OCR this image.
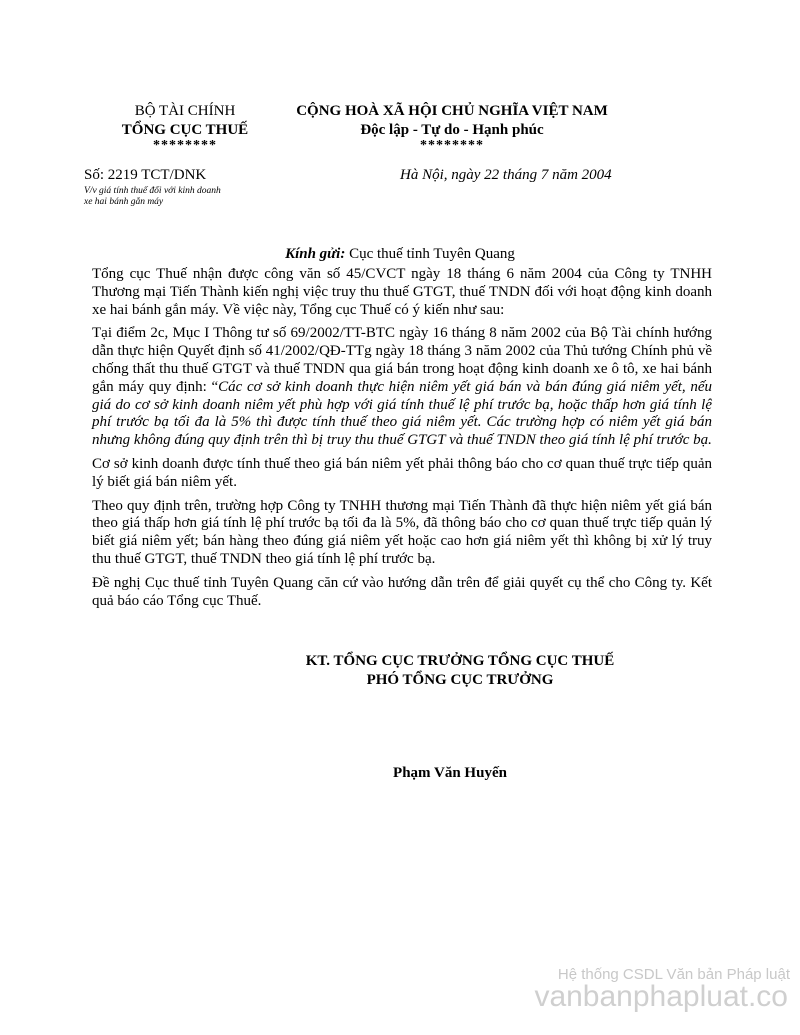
BỘ TÀI CHÍNH
TỔNG CỤC THUẾ
********
CỘNG HOÀ XÃ HỘI CHỦ NGHĨA VIỆT NAM
Độc lập - Tự do - Hạnh phúc
********
Số: 2219 TCT/DNK
V/v giá tính thuế đối với kinh doanh
xe hai bánh gắn máy
Hà Nội, ngày 22 tháng 7 năm 2004
Kính gửi: Cục thuế tỉnh Tuyên Quang

Tổng cục Thuế nhận được công văn số 45/CVCT ngày 18 tháng 6 năm 2004 của Công ty TNHH Thương mại Tiến Thành kiến nghị việc truy thu thuế GTGT, thuế TNDN đối với hoạt động kinh doanh xe hai bánh gắn máy. Về việc này, Tổng cục Thuế có ý kiến như sau:

Tại điểm 2c, Mục I Thông tư số 69/2002/TT-BTC ngày 16 tháng 8 năm 2002 của Bộ Tài chính hướng dẫn thực hiện Quyết định số 41/2002/QĐ-TTg ngày 18 tháng 3 năm 2002 của Thủ tướng Chính phủ về chống thất thu thuế GTGT và thuế TNDN qua giá bán trong hoạt động kinh doanh xe ô tô, xe hai bánh gắn máy quy định: “Các cơ sở kinh doanh thực hiện niêm yết giá bán và bán đúng giá niêm yết, nếu giá do cơ sở kinh doanh niêm yết phù hợp với giá tính thuế lệ phí trước bạ, hoặc thấp hơn giá tính lệ phí trước bạ tối đa là 5% thì được tính thuế theo giá niêm yết. Các trường hợp có niêm yết giá bán nhưng không đúng quy định trên thì bị truy thu thuế GTGT và thuế TNDN theo giá tính lệ phí trước bạ.

Cơ sở kinh doanh được tính thuế theo giá bán niêm yết phải thông báo cho cơ quan thuế trực tiếp quản lý biết giá bán niêm yết.

Theo quy định trên, trường hợp Công ty TNHH thương mại Tiến Thành đã thực hiện niêm yết giá bán theo giá thấp hơn giá tính lệ phí trước bạ tối đa là 5%, đã thông báo cho cơ quan thuế trực tiếp quản lý biết giá niêm yết; bán hàng theo đúng giá niêm yết hoặc cao hơn giá niêm yết thì không bị xử lý truy thu thuế GTGT, thuế TNDN theo giá tính lệ phí trước bạ.

Đề nghị Cục thuế tỉnh Tuyên Quang căn cứ vào hướng dẫn trên để giải quyết cụ thể cho Công ty. Kết quả báo cáo Tổng cục Thuế.

KT. TỔNG CỤC TRƯỞNG TỔNG CỤC THUẾ
PHÓ TỔNG CỤC TRƯỞNG
Phạm Văn Huyến
Hệ thống CSDL Văn bản Pháp luật
vanbanphapluat.co
